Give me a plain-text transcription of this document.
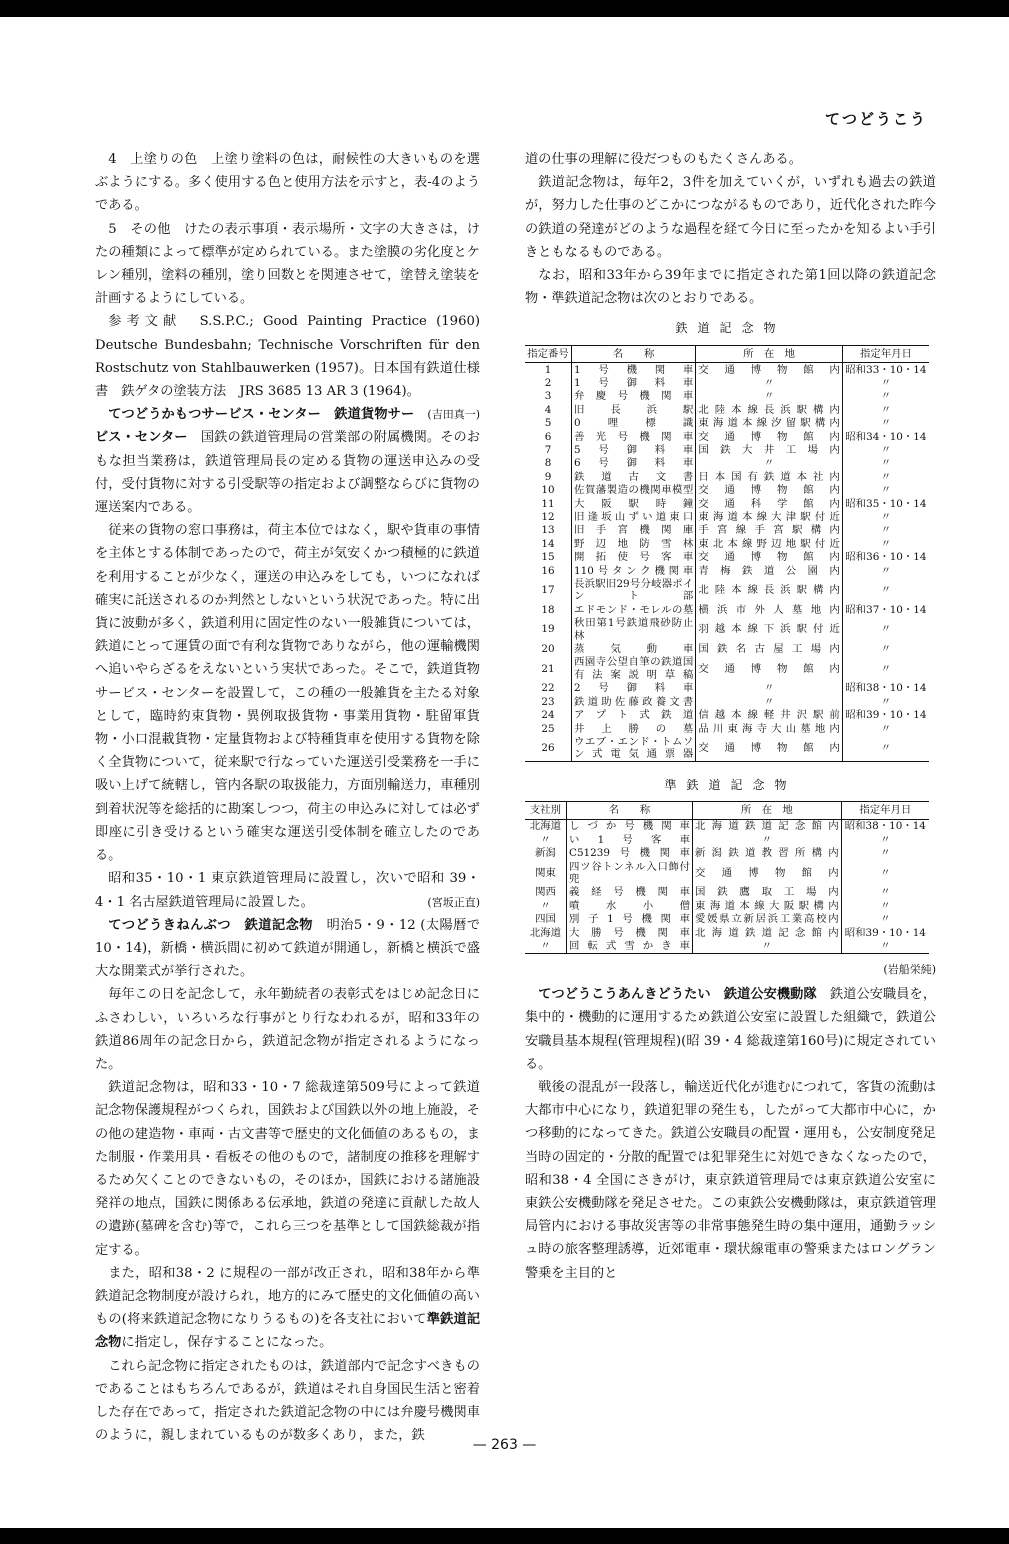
てつどうこう

4　上塗りの色　上塗り塗料の色は，耐候性の大きいものを選ぶようにする。多く使用する色と使用方法を示すと，表-4のようである。

5　その他　けたの表示事項・表示場所・文字の大きさは，けたの種類によって標準が定められている。また塗膜の劣化度とケレン種別，塗料の種別，塗り回数とを関連させて，塗替え塗装を計画するようにしている。

参考文献　S.S.P.C.; Good Painting Practice (1960) Deutsche Bundesbahn; Technische Vorschriften für den Rostschutz von Stahlbauwerken (1957)。日本国有鉄道仕様書　鉄ゲタの塗装方法　JRS 3685 13 AR 3 (1964)。
(吉田真一)

てつどうかもつサービス・センター　鉄道貨物サービス・センター　 国鉄の鉄道管理局の営業部の附属機関。そのおもな担当業務は，鉄道管理局長の定める貨物の運送申込みの受付，受付貨物に対する引受駅等の指定および調整ならびに貨物の運送案内である。

従来の貨物の窓口事務は，荷主本位ではなく，駅や貨車の事情を主体とする体制であったので，荷主が気安くかつ積極的に鉄道を利用することが少なく，運送の申込みをしても，いつになれば確実に託送されるのか判然としないという状況であった。特に出貨に波動が多く，鉄道利用に固定性のない一般雑貨については，鉄道にとって運賃の面で有利な貨物でありながら，他の運輸機関へ追いやらざるをえないという実状であった。そこで，鉄道貨物サービス・センターを設置して，この種の一般雑貨を主たる対象として，臨時約束貨物・異例取扱貨物・事業用貨物・駐留軍貨物・小口混載貨物・定量貨物および特種貨車を使用する貨物を除く全貨物について，従来駅で行なっていた運送引受業務を一手に吸い上げて統轄し，管内各駅の取扱能力，方面別輸送力，車種別到着状況等を総括的に勘案しつつ，荷主の申込みに対しては必ず即座に引き受けるという確実な運送引受体制を確立したのである。

昭和35・10・1 東京鉄道管理局に設置し，次いで昭和 39・4・1 名古屋鉄道管理局に設置した。	(宮坂正直)

てつどうきねんぶつ　鉄道記念物　 明治5・9・12 (太陽暦で10・14)，新橋・横浜間に初めて鉄道が開通し，新橋と横浜で盛大な開業式が挙行された。

毎年この日を記念して，永年勤続者の表彰式をはじめ記念日にふさわしい，いろいろな行事がとり行なわれるが，昭和33年の鉄道86周年の記念日から，鉄道記念物が指定されるようになった。

鉄道記念物は，昭和33・10・7 総裁達第509号によって鉄道記念物保護規程がつくられ，国鉄および国鉄以外の地上施設，その他の建造物・車両・古文書等で歴史的文化価値のあるもの，また制服・作業用具・看板その他のもので，諸制度の推移を理解するため欠くことのできないもの，そのほか，国鉄における諸施設発祥の地点，国鉄に関係ある伝承地，鉄道の発達に貢献した故人の遺跡(墓碑を含む)等で，これら三つを基準として国鉄総裁が指定する。

また，昭和38・2 に規程の一部が改正され，昭和38年から準鉄道記念物制度が設けられ，地方的にみて歴史的文化価値の高いもの(将来鉄道記念物になりうるもの)を各支社において準鉄道記念物に指定し，保存することになった。

これら記念物に指定されたものは，鉄道部内で記念すべきものであることはもちろんであるが，鉄道はそれ自身国民生活と密着した存在であって，指定された鉄道記念物の中には弁慶号機関車のように，親しまれているものが数多くあり，また，鉄

道の仕事の理解に役だつものもたくさんある。

鉄道記念物は，毎年2，3件を加えていくが，いずれも過去の鉄道が，努力した仕事のどこかにつながるものであり，近代化された昨今の鉄道の発達がどのような過程を経て今日に至ったかを知るよい手引きともなるものである。

なお，昭和33年から39年までに指定された第1回以降の鉄道記念物・準鉄道記念物は次のとおりである。

鉄道記念物
指定番号	名　　称	所　在　地	指定年月日
1	1号機関車	交通博物館内	昭和33・10・14
2	1号御料車	〃	〃
3	弁慶号機関車	〃	〃
4	旧長浜駅	北陸本線長浜駅構内	〃
5	0哩標識	東海道本線汐留駅構内	〃
6	善光号機関車	交通博物館内	昭和34・10・14
7	5号御料車	国鉄大井工場内	〃
8	6号御料車	〃	〃
9	鉄道古文書	日本国有鉄道本社内	〃
10	佐賀藩製造の機関車模型	交通博物館内	〃
11	大阪駅時鐘	交通科学館内	昭和35・10・14
12	旧逢坂山ずい道東口	東海道本線大津駅付近	〃
13	旧手宮機関庫	手宮線手宮駅構内	〃
14	野辺地防雪林	東北本線野辺地駅付近	〃
15	開拓使号客車	交通博物館内	昭和36・10・14
16	110号タンク機関車	青梅鉄道公園内	〃
17	長浜駅旧29号分岐器ポイント部	北陸本線長浜駅構内	〃
18	エドモンド・モレルの墓	横浜市外人墓地内	昭和37・10・14
19	秋田第1号鉄道飛砂防止林	羽越本線下浜駅付近	〃
20	蒸気動車	国鉄名古屋工場内	〃
21	西園寺公望自筆の鉄道国有法案説明草稿	交通博物館内	〃
22	2号御料車	〃	昭和38・10・14
23	鉄道助佐藤政養文書	〃	〃
24	アプト式鉄道	信越本線軽井沢駅前	昭和39・10・14
25	井上勝の墓	品川東海寺大山墓地内	〃
26	ウエブ・エンド・トムソン式電気通票器	交通博物館内	〃
準鉄道記念物
支社別	名　　称	所　在　地	指定年月日
北海道	しづか号機関車	北海道鉄道記念館内	昭和38・10・14
〃	い1号客車	〃	〃
新潟	C51239号機関車	新潟鉄道教習所構内	〃
関東	四ツ谷トンネル入口飾付兜	交通博物館内	〃
関西	義経号機関車	国鉄鷹取工場内	〃
〃	噴水小僧	東海道本線大阪駅構内	〃
四国	別子1号機関車	愛媛県立新居浜工業高校内	〃
北海道	大勝号機関車	北海道鉄道記念館内	昭和39・10・14
〃	回転式雪かき車	〃	〃
(岩船栄純)

てつどうこうあんきどうたい　鉄道公安機動隊　 鉄道公安職員を，集中的・機動的に運用するため鉄道公安室に設置した組織で，鉄道公安職員基本規程(管理規程)(昭 39・4 総裁達第160号)に規定されている。

戦後の混乱が一段落し，輸送近代化が進むにつれて，客貨の流動は大都市中心になり，鉄道犯罪の発生も，したがって大都市中心に，かつ移動的になってきた。鉄道公安職員の配置・運用も，公安制度発足当時の固定的・分散的配置では犯罪発生に対処できなくなったので，昭和38・4 全国にさきがけ，東京鉄道管理局では東京鉄道公安室に東鉄公安機動隊を発足させた。この東鉄公安機動隊は，東京鉄道管理局管内における事故災害等の非常事態発生時の集中運用，通勤ラッシュ時の旅客整理誘導，近郊電車・環状線電車の警乗またはロングラン警乗を主目的と

— 263 —
